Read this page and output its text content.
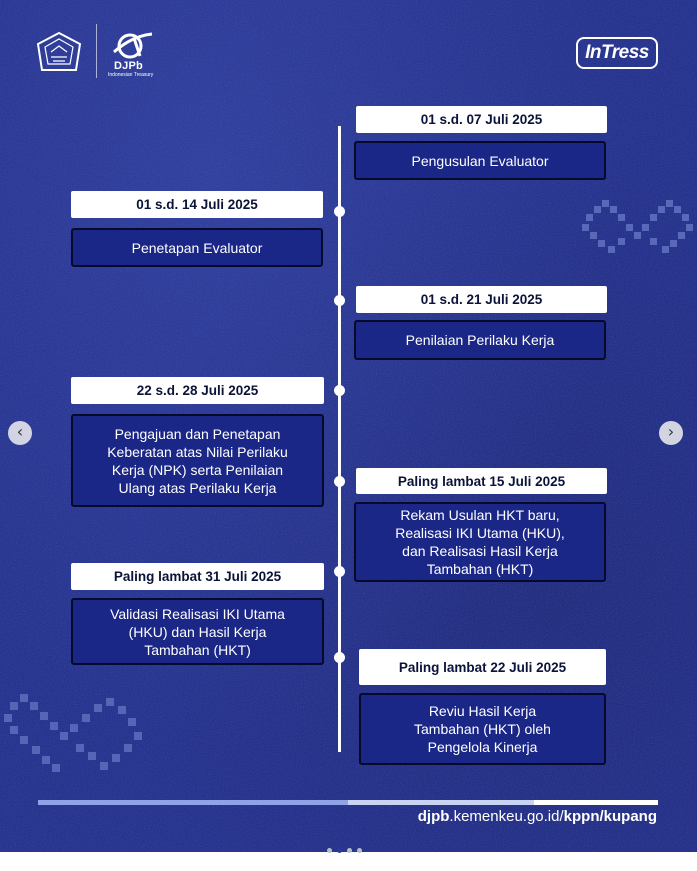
DJPb
Indonesian Treasury
InTress
01 s.d. 07 Juli 2025
Pengusulan Evaluator
01 s.d. 21 Juli 2025
Penilaian Perilaku Kerja
Paling lambat 15 Juli 2025
Rekam Usulan HKT baru,
Realisasi IKI Utama (HKU),
dan Realisasi Hasil Kerja
Tambahan (HKT)
Paling lambat 22 Juli 2025
Reviu Hasil Kerja
Tambahan (HKT) oleh
Pengelola Kinerja
01 s.d. 14 Juli 2025
Penetapan Evaluator
22 s.d. 28 Juli 2025
Pengajuan dan Penetapan
Keberatan atas Nilai Perilaku
Kerja (NPK) serta Penilaian
Ulang atas Perilaku Kerja
Paling lambat 31 Juli 2025
Validasi Realisasi IKI Utama
(HKU) dan Hasil Kerja
Tambahan (HKT)
djpb.kemenkeu.go.id/kppn/kupang
‹	›
